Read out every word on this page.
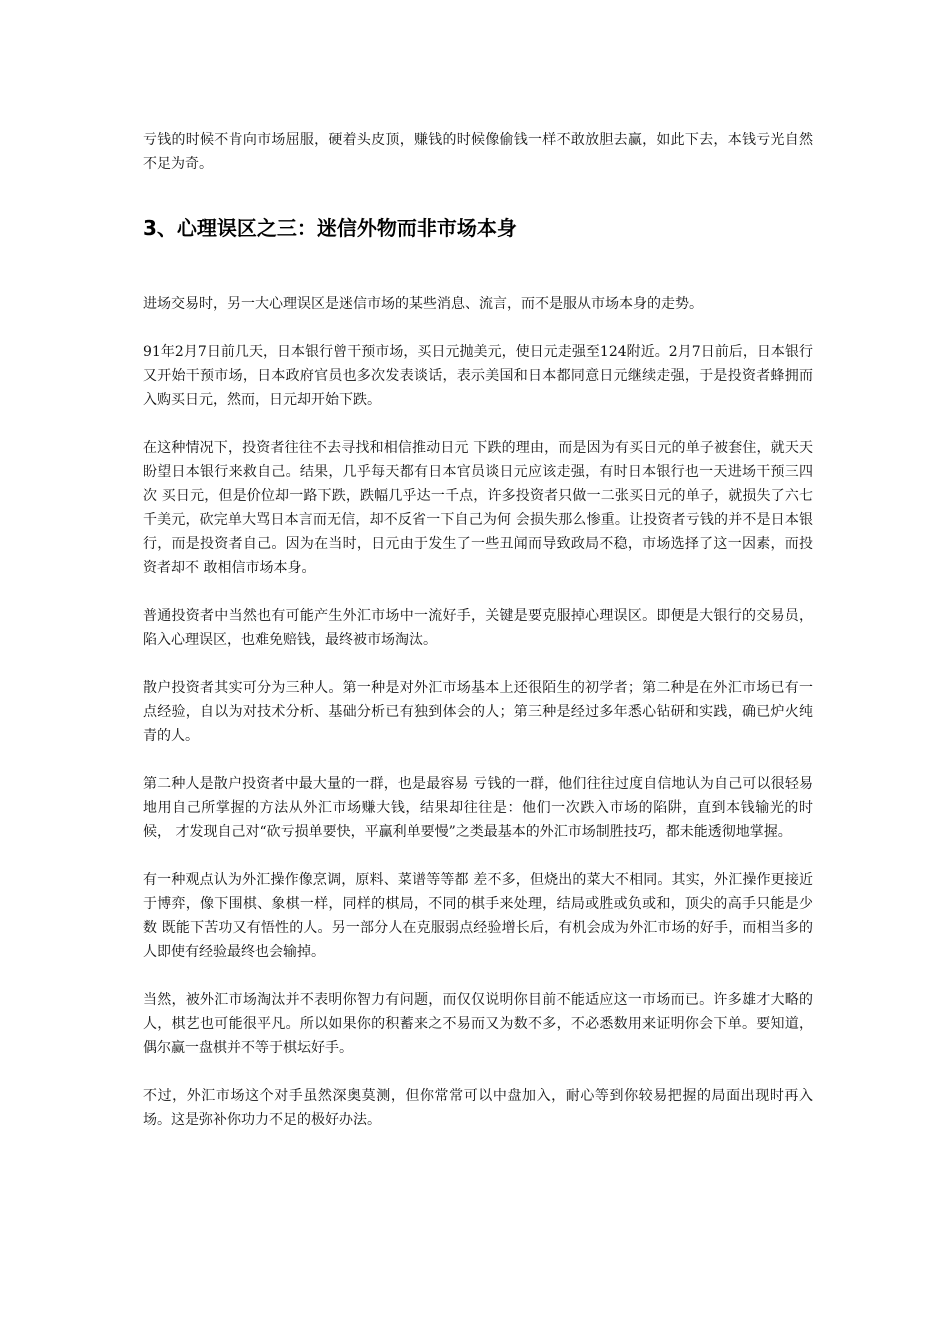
亏钱的时候不肯向市场屈服，硬着头皮顶，赚钱的时候像偷钱一样不敢放胆去赢，如此下去，本钱亏光自然不足为奇。

3、心理误区之三：迷信外物而非市场本身

进场交易时，另一大心理误区是迷信市场的某些消息、流言，而不是服从市场本身的走势。

91年2月7日前几天，日本银行曾干预市场，买日元抛美元，使日元走强至124附近。2月7日前后，日本银行又开始干预市场，日本政府官员也多次发表谈话，表示美国和日本都同意日元继续走强，于是投资者蜂拥而入购买日元，然而，日元却开始下跌。

在这种情况下，投资者往往不去寻找和相信推动日元 下跌的理由，而是因为有买日元的单子被套住，就天天盼望日本银行来救自己。结果，几乎每天都有日本官员谈日元应该走强，有时日本银行也一天进场干预三四次 买日元，但是价位却一路下跌，跌幅几乎达一千点，许多投资者只做一二张买日元的单子，就损失了六七千美元，砍完单大骂日本言而无信，却不反省一下自己为何 会损失那么惨重。让投资者亏钱的并不是日本银行，而是投资者自己。因为在当时，日元由于发生了一些丑闻而导致政局不稳，市场选择了这一因素，而投资者却不 敢相信市场本身。

普通投资者中当然也有可能产生外汇市场中一流好手，关键是要克服掉心理误区。即便是大银行的交易员，陷入心理误区，也难免赔钱，最终被市场淘汰。

散户投资者其实可分为三种人。第一种是对外汇市场基本上还很陌生的初学者；第二种是在外汇市场已有一点经验，自以为对技术分析、基础分析已有独到体会的人；第三种是经过多年悉心钻研和实践，确已炉火纯青的人。

第二种人是散户投资者中最大量的一群，也是最容易 亏钱的一群，他们往往过度自信地认为自己可以很轻易地用自己所掌握的方法从外汇市场赚大钱，结果却往往是：他们一次跌入市场的陷阱，直到本钱输光的时候， 才发现自己对“砍亏损单要快，平赢利单要慢”之类最基本的外汇市场制胜技巧，都未能透彻地掌握。

有一种观点认为外汇操作像烹调，原料、菜谱等等都 差不多，但烧出的菜大不相同。其实，外汇操作更接近于博弈，像下围棋、象棋一样，同样的棋局，不同的棋手来处理，结局或胜或负或和，顶尖的高手只能是少数 既能下苦功又有悟性的人。另一部分人在克服弱点经验增长后，有机会成为外汇市场的好手，而相当多的人即使有经验最终也会输掉。

当然，被外汇市场淘汰并不表明你智力有问题，而仅仅说明你目前不能适应这一市场而已。许多雄才大略的人，棋艺也可能很平凡。所以如果你的积蓄来之不易而又为数不多，不必悉数用来证明你会下单。要知道，偶尔赢一盘棋并不等于棋坛好手。

不过，外汇市场这个对手虽然深奥莫测，但你常常可以中盘加入，耐心等到你较易把握的局面出现时再入场。这是弥补你功力不足的极好办法。
